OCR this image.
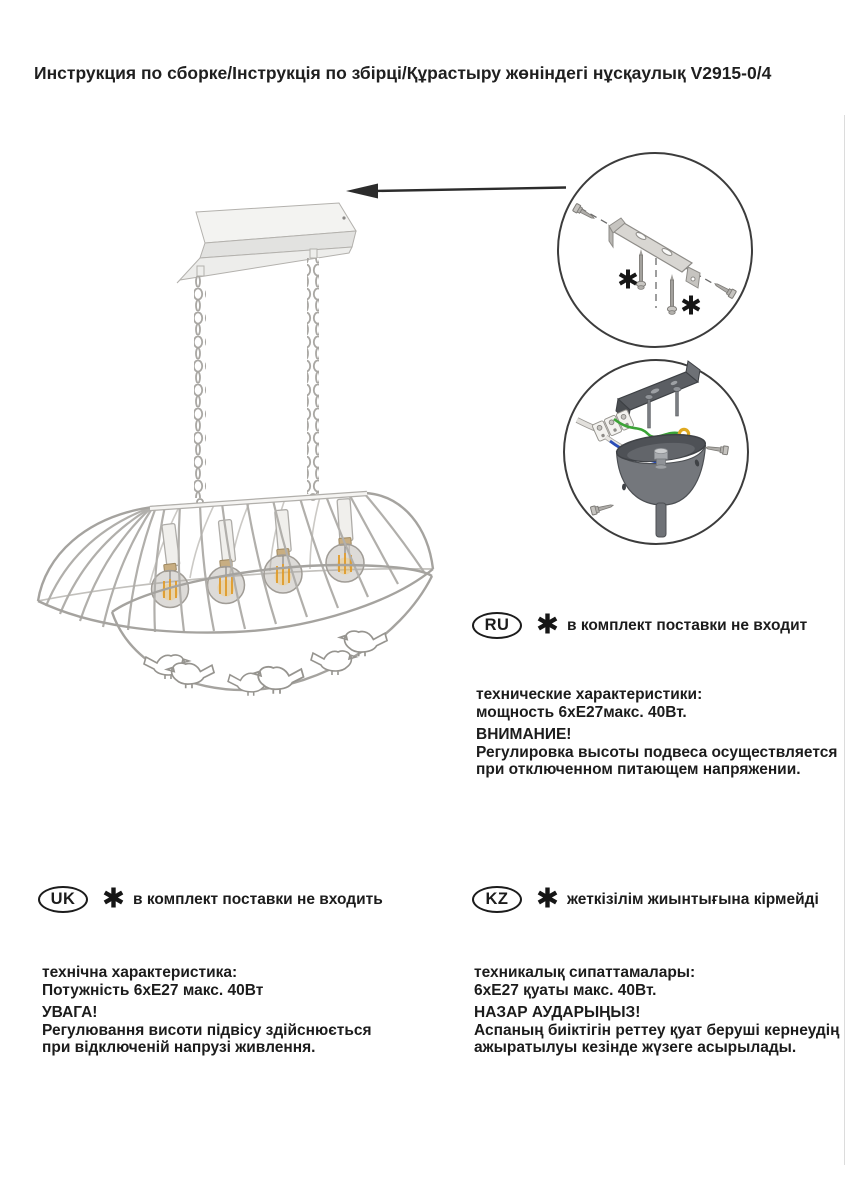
Инструкция по сборке/Інструкція по збірці/Құрастыру жөніндегі нұсқаулық V2915-0/4
RU	в комплект поставки не входит
технические характеристики:
мощность 6хЕ27макс. 40Вт.
ВНИМАНИЕ!
Регулировка высоты подвеса осуществляется
при отключенном питающем напряжении.
UK	в комплект поставки не входить
технічна характеристика:
Потужність 6хЕ27 макс. 40Вт
УВАГА!
Регулювання висоти підвісу здійснюється
при відключеній напрузі живлення.
KZ	жеткізілім жиынтығына кірмейді
техникалық сипаттамалары:
6хЕ27 қуаты макс. 40Вт.
НАЗАР АУДАРЫҢЫЗ!
Аспаның биіктігін реттеу қуат беруші кернеудің
ажыратылуы кезінде жүзеге асырылады.
